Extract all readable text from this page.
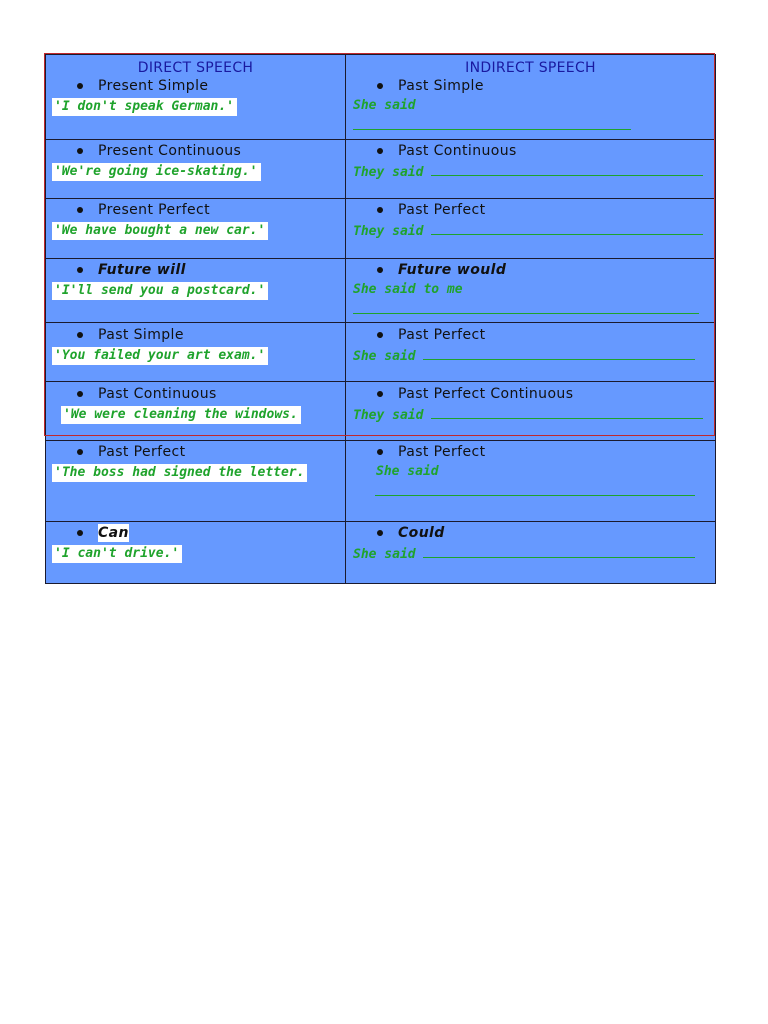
DIRECT SPEECH
Present Simple
'I don't speak German.'
INDIRECT SPEECH
Past Simple
She said
Present Continuous
'We're going ice-skating.'
Past Continuous
They said
Present Perfect
'We have bought a new car.'
Past Perfect
They said
Future will
'I'll send you a postcard.'
Future would
She said to me
Past Simple
'You failed your art exam.'
Past Perfect
She said
Past Continuous
'We were cleaning the windows.
Past Perfect Continuous
They said
Past Perfect
'The boss had signed the letter.
Past Perfect
She said
Can
'I can't drive.'
Could
She said
